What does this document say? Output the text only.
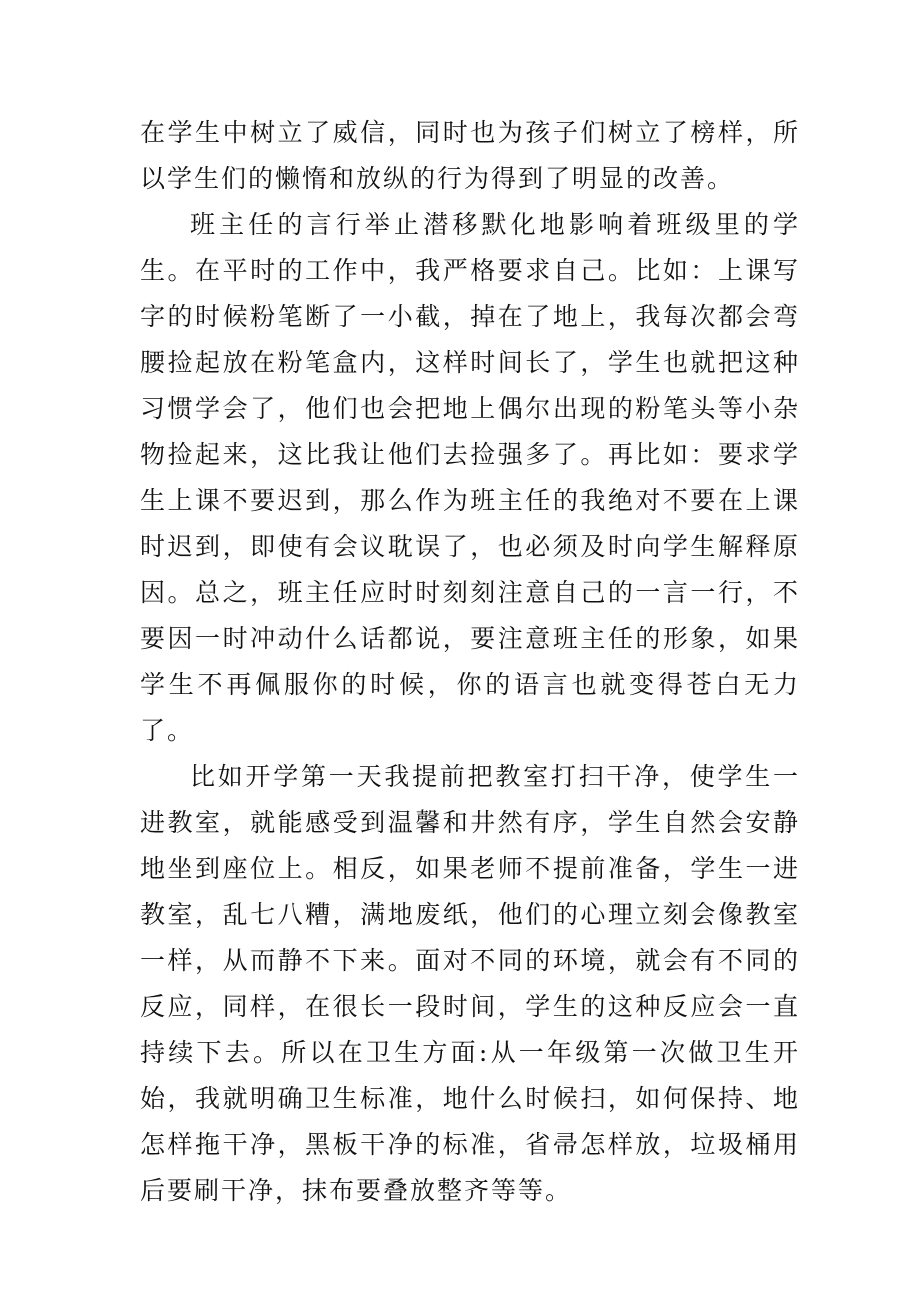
在学生中树立了威信，同时也为孩子们树立了榜样，所以学生们的懒惰和放纵的行为得到了明显的改善。

班主任的言行举止潜移默化地影响着班级里的学生。在平时的工作中，我严格要求自己。比如：上课写字的时候粉笔断了一小截，掉在了地上，我每次都会弯腰捡起放在粉笔盒内，这样时间长了，学生也就把这种习惯学会了，他们也会把地上偶尔出现的粉笔头等小杂物捡起来，这比我让他们去捡强多了。再比如：要求学生上课不要迟到，那么作为班主任的我绝对不要在上课时迟到，即使有会议耽误了，也必须及时向学生解释原因。总之，班主任应时时刻刻注意自己的一言一行，不要因一时冲动什么话都说，要注意班主任的形象，如果学生不再佩服你的时候，你的语言也就变得苍白无力了。

比如开学第一天我提前把教室打扫干净，使学生一进教室，就能感受到温馨和井然有序，学生自然会安静地坐到座位上。相反，如果老师不提前准备，学生一进教室，乱七八糟，满地废纸，他们的心理立刻会像教室一样，从而静不下来。面对不同的环境，就会有不同的反应，同样，在很长一段时间，学生的这种反应会一直持续下去。所以在卫生方面:从一年级第一次做卫生开始，我就明确卫生标准，地什么时候扫，如何保持、地怎样拖干净，黑板干净的标准，省帚怎样放，垃圾桶用后要刷干净，抹布要叠放整齐等等。
